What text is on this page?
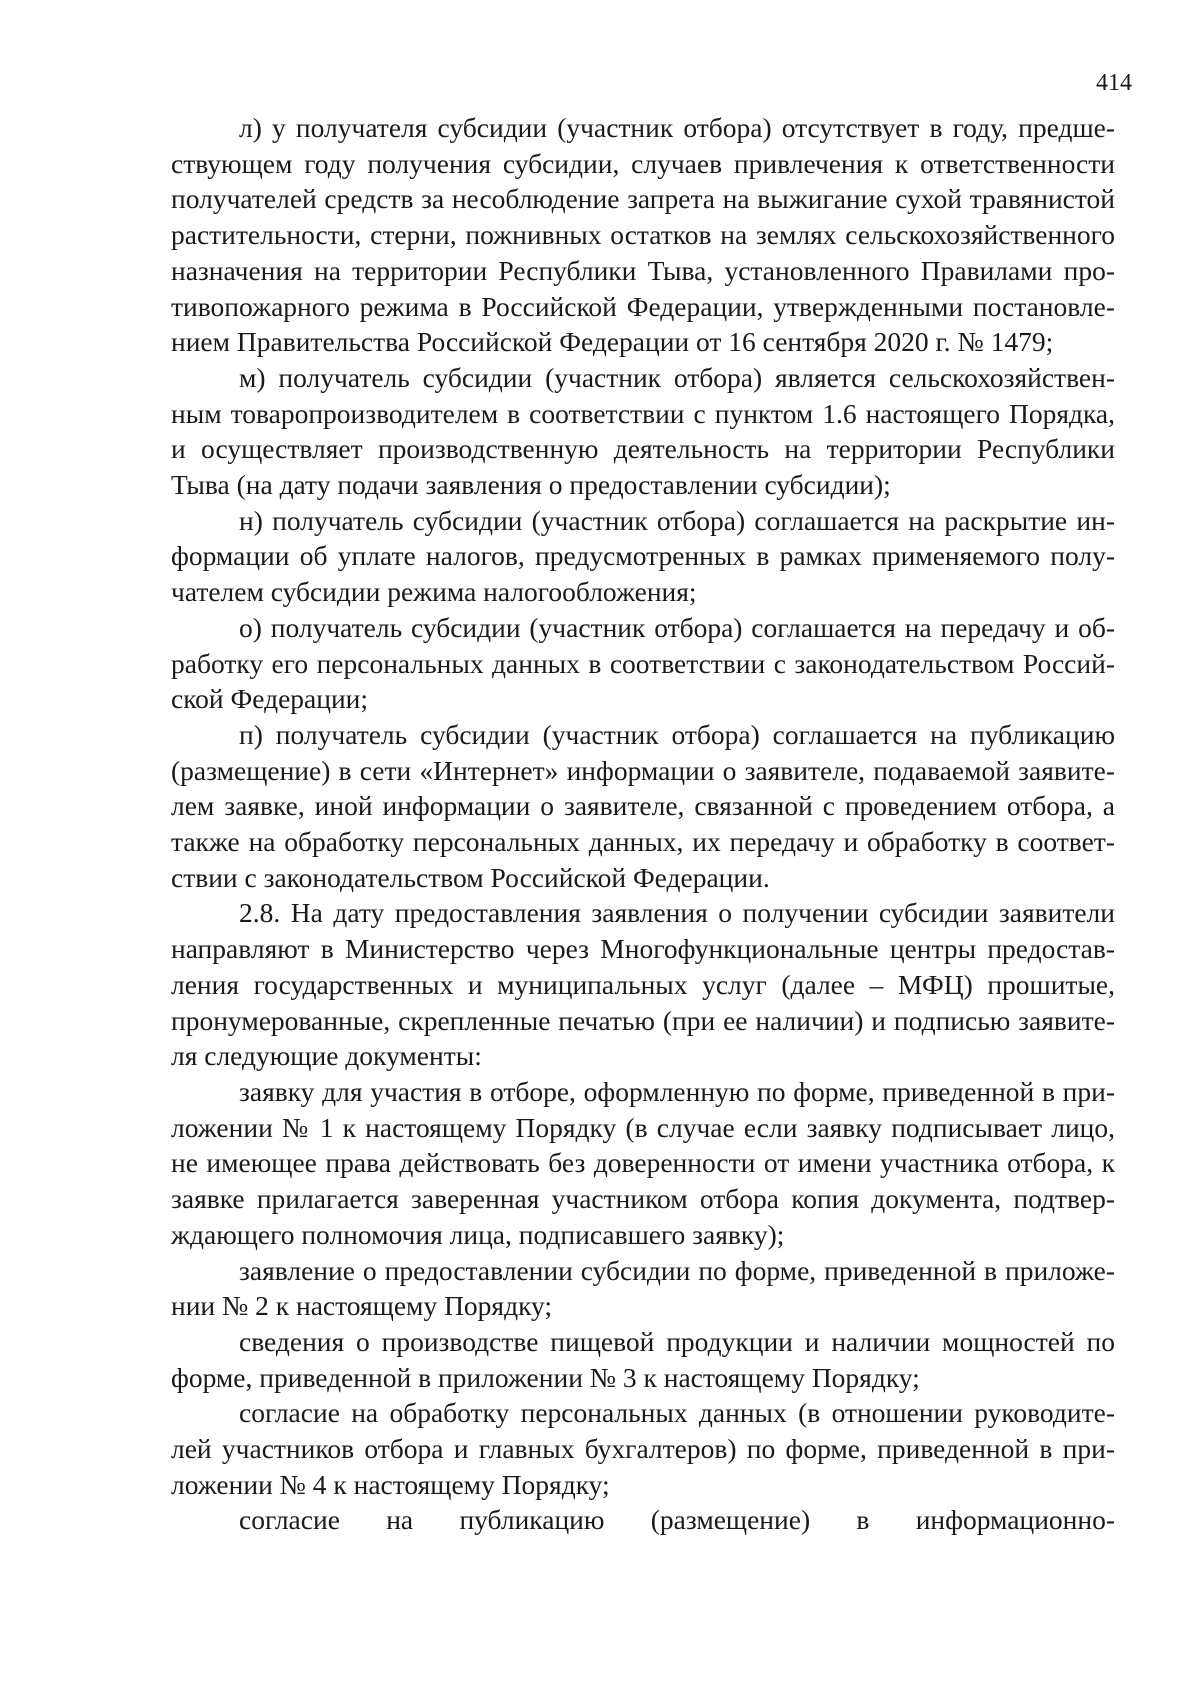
414

л) у получателя субсидии (участник отбора) отсутствует в году, предшествующем году получения субсидии, случаев привлечения к ответственности получателей средств за несоблюдение запрета на выжигание сухой травянистой растительности, стерни, пожнивных остатков на землях сельскохозяйственного назначения на территории Республики Тыва, установленного Правилами противопожарного режима в Российской Федерации, утвержденными постановлением Правительства Российской Федерации от 16 сентября 2020 г. № 1479;

м) получатель субсидии (участник отбора) является сельскохозяйственным товаропроизводителем в соответствии с пунктом 1.6 настоящего Порядка, и осуществляет производственную деятельность на территории Республики Тыва (на дату подачи заявления о предоставлении субсидии);

н) получатель субсидии (участник отбора) соглашается на раскрытие информации об уплате налогов, предусмотренных в рамках применяемого получателем субсидии режима налогообложения;

о) получатель субсидии (участник отбора) соглашается на передачу и обработку его персональных данных в соответствии с законодательством Российской Федерации;

п) получатель субсидии (участник отбора) соглашается на публикацию (размещение) в сети «Интернет» информации о заявителе, подаваемой заявителем заявке, иной информации о заявителе, связанной с проведением отбора, а также на обработку персональных данных, их передачу и обработку в соответствии с законодательством Российской Федерации.

2.8. На дату предоставления заявления о получении субсидии заявители направляют в Министерство через Многофункциональные центры предоставления государственных и муниципальных услуг (далее – МФЦ) прошитые, пронумерованные, скрепленные печатью (при ее наличии) и подписью заявителя следующие документы:

заявку для участия в отборе, оформленную по форме, приведенной в приложении № 1 к настоящему Порядку (в случае если заявку подписывает лицо, не имеющее права действовать без доверенности от имени участника отбора, к заявке прилагается заверенная участником отбора копия документа, подтверждающего полномочия лица, подписавшего заявку);

заявление о предоставлении субсидии по форме, приведенной в приложении № 2 к настоящему Порядку;

сведения о производстве пищевой продукции и наличии мощностей по форме, приведенной в приложении № 3 к настоящему Порядку;

согласие на обработку персональных данных (в отношении руководителей участников отбора и главных бухгалтеров) по форме, приведенной в приложении № 4 к настоящему Порядку;

согласие на публикацию (размещение) в информационно-
